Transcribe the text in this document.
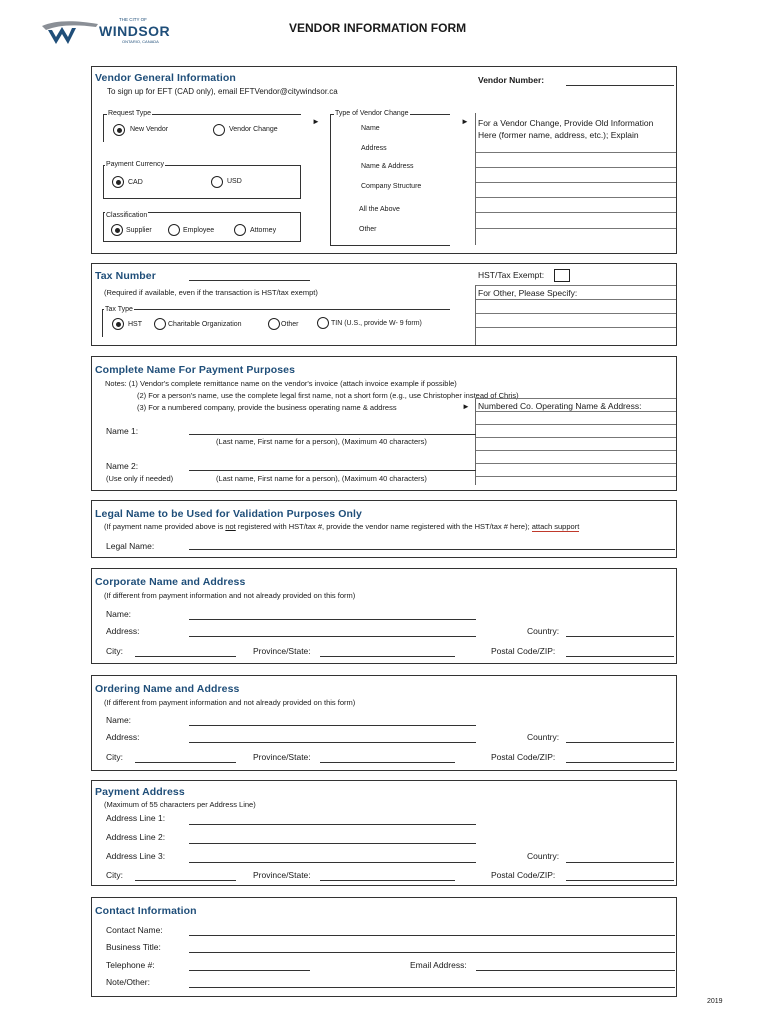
THE CITY OF
WINDSOR
ONTARIO, CANADA
VENDOR INFORMATION FORM
Vendor General Information
To sign up for EFT (CAD only), email EFTVendor@citywindsor.ca
Vendor Number:
Request Type
New Vendor	Vendor Change
►
Payment Currency
CAD	USD
Classification
Supplier	Employee	Attorney
Type of Vendor Change
Name
Address
Name & Address
Company Structure
All the Above
Other
► For a Vendor Change, Provide Old Information
Here (former name, address, etc.); Explain
Tax Number
(Required if available, even if the transaction is HST/tax exempt)
HST/Tax Exempt:
For Other, Please Specify:
Tax Type
HST	Charitable Organization	Other	TIN (U.S., provide W- 9 form)
Complete Name For Payment Purposes
Notes: (1) Vendor's complete remittance name on the vendor's invoice (attach invoice example if possible)
(2) For a person's name, use the complete legal first name, not a short form (e.g., use Christopher instead of Chris)
(3) For a numbered company, provide the business operating name & address	► Numbered Co. Operating Name & Address:
Name 1:
(Last name, First name for a person), (Maximum 40 characters)
Name 2:
(Use only if needed)	(Last name, First name for a person), (Maximum 40 characters)
Legal Name to be Used for Validation Purposes Only
(If payment name provided above is not registered with HST/tax #, provide the vendor name registered with the HST/tax # here); attach support
Legal Name:
Corporate Name and Address
(If different from payment information and not already provided on this form)
Name:
Address:	Country:
City:	Province/State:	Postal Code/ZIP:
Ordering Name and Address
(If different from payment information and not already provided on this form)
Name:
Address:	Country:
City:	Province/State:	Postal Code/ZIP:
Payment Address
(Maximum of 55 characters per Address Line)
Address Line 1:
Address Line 2:
Address Line 3:	Country:
City:	Province/State:	Postal Code/ZIP:
Contact Information
Contact Name:
Business Title:
Telephone #:	Email Address:
Note/Other:
2019
